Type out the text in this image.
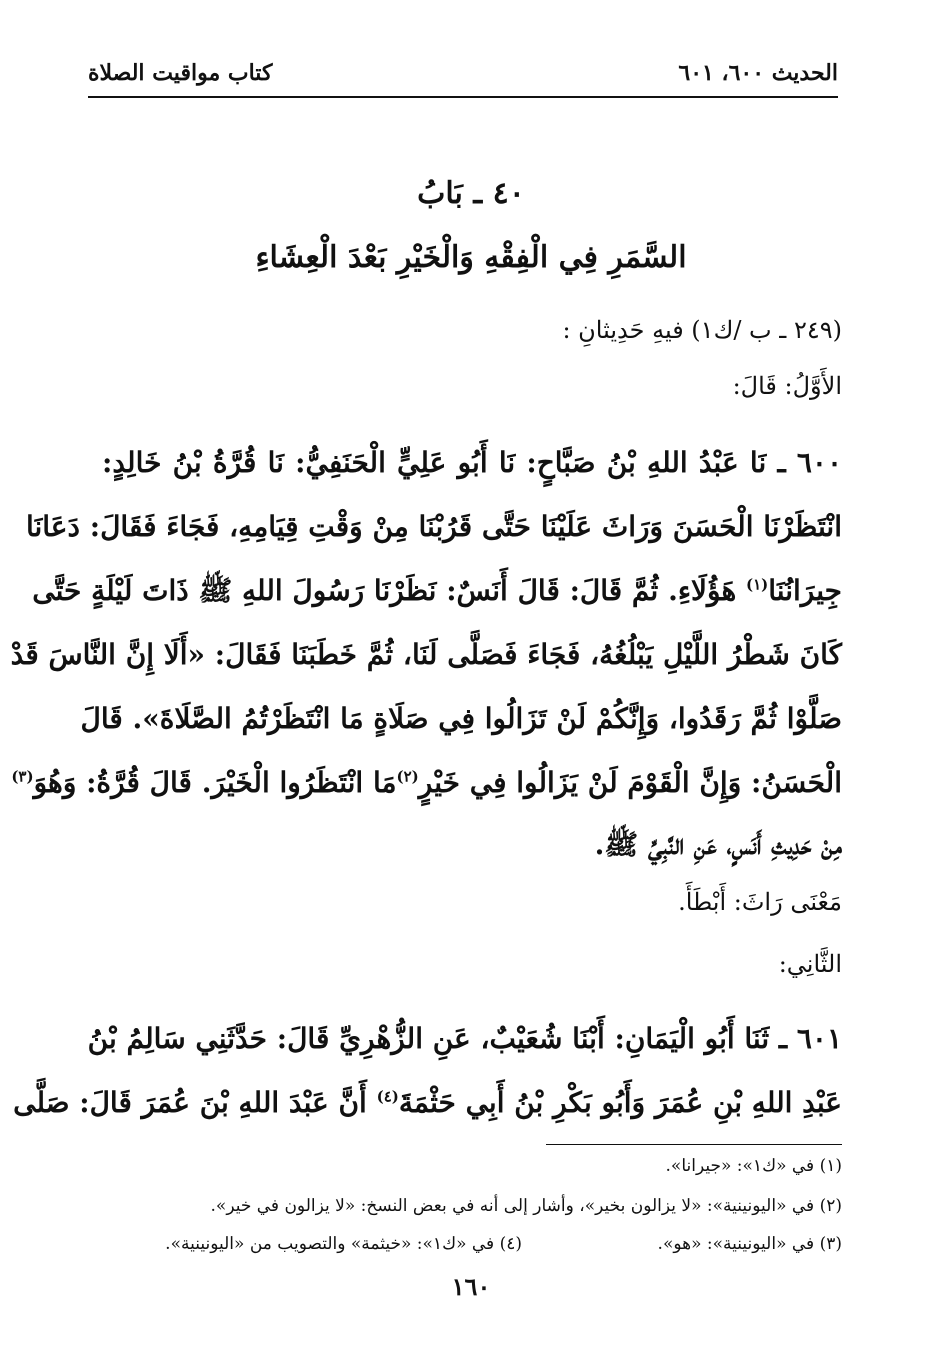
الحديث ٦٠٠، ٦٠١
كتاب مواقيت الصلاة
٤٠ ـ بَابُ
السَّمَرِ فِي الْفِقْهِ وَالْخَيْرِ بَعْدَ الْعِشَاءِ
(٢٤٩ ـ ب /ك١) فيهِ حَدِيثانِ :
الأَوَّلُ: قَالَ:
٦٠٠ ـ نَا عَبْدُ اللهِ بْنُ صَبَّاحٍ: نَا أَبُو عَلِيٍّ الْحَنَفِيُّ: نَا قُرَّةُ بْنُ خَالِدٍ:
انْتَظَرْنَا الْحَسَنَ وَرَاثَ عَلَيْنَا حَتَّى قَرُبْنَا مِنْ وَقْتِ قِيَامِهِ، فَجَاءَ فَقَالَ: دَعَانَا
جِيرَانُنَا$^{(١)}$ هَؤُلَاءِ. ثُمَّ قَالَ: قَالَ أَنَسٌ: نَظَرْنَا رَسُولَ اللهِ ﷺ ذَاتَ لَيْلَةٍ حَتَّى
كَانَ شَطْرُ اللَّيْلِ يَبْلُغُهُ، فَجَاءَ فَصَلَّى لَنَا، ثُمَّ خَطَبَنَا فَقَالَ: «أَلَا إِنَّ النَّاسَ قَدْ
صَلَّوْا ثُمَّ رَقَدُوا، وَإِنَّكُمْ لَنْ تَزَالُوا فِي صَلَاةٍ مَا انْتَظَرْتُمُ الصَّلَاةَ». قَالَ
الْحَسَنُ: وَإِنَّ الْقَوْمَ لَنْ يَزَالُوا فِي خَيْرٍ$^{(٢)}$مَا انْتَظَرُوا الْخَيْرَ. قَالَ قُرَّةُ: وَهُوَ$^{(٣)}$
مِنْ حَدِيثِ أَنَسٍ، عَنِ النَّبِيِّ ﷺ.
مَعْنَى رَاثَ: أَبْطَأَ.
الثَّانِي:
٦٠١ ـ ثَنَا أَبُو الْيَمَانِ: أَبْنَا شُعَيْبٌ، عَنِ الزُّهْرِيِّ قَالَ: حَدَّثَنِي سَالِمُ بْنُ
عَبْدِ اللهِ بْنِ عُمَرَ وَأَبُو بَكْرِ بْنُ أَبِي حَثْمَةَ$^{(٤)}$ أَنَّ عَبْدَ اللهِ بْنَ عُمَرَ قَالَ: صَلَّى
(١) في «ك١»: «جيرانا».
(٢) في «اليونينية»: «لا يزالون بخير»، وأشار إلى أنه في بعض النسخ: «لا يزالون في خير».
(٣) في «اليونينية»: «هو».
(٤) في «ك١»: «خيثمة» والتصويب من «اليونينية».
١٦٠
